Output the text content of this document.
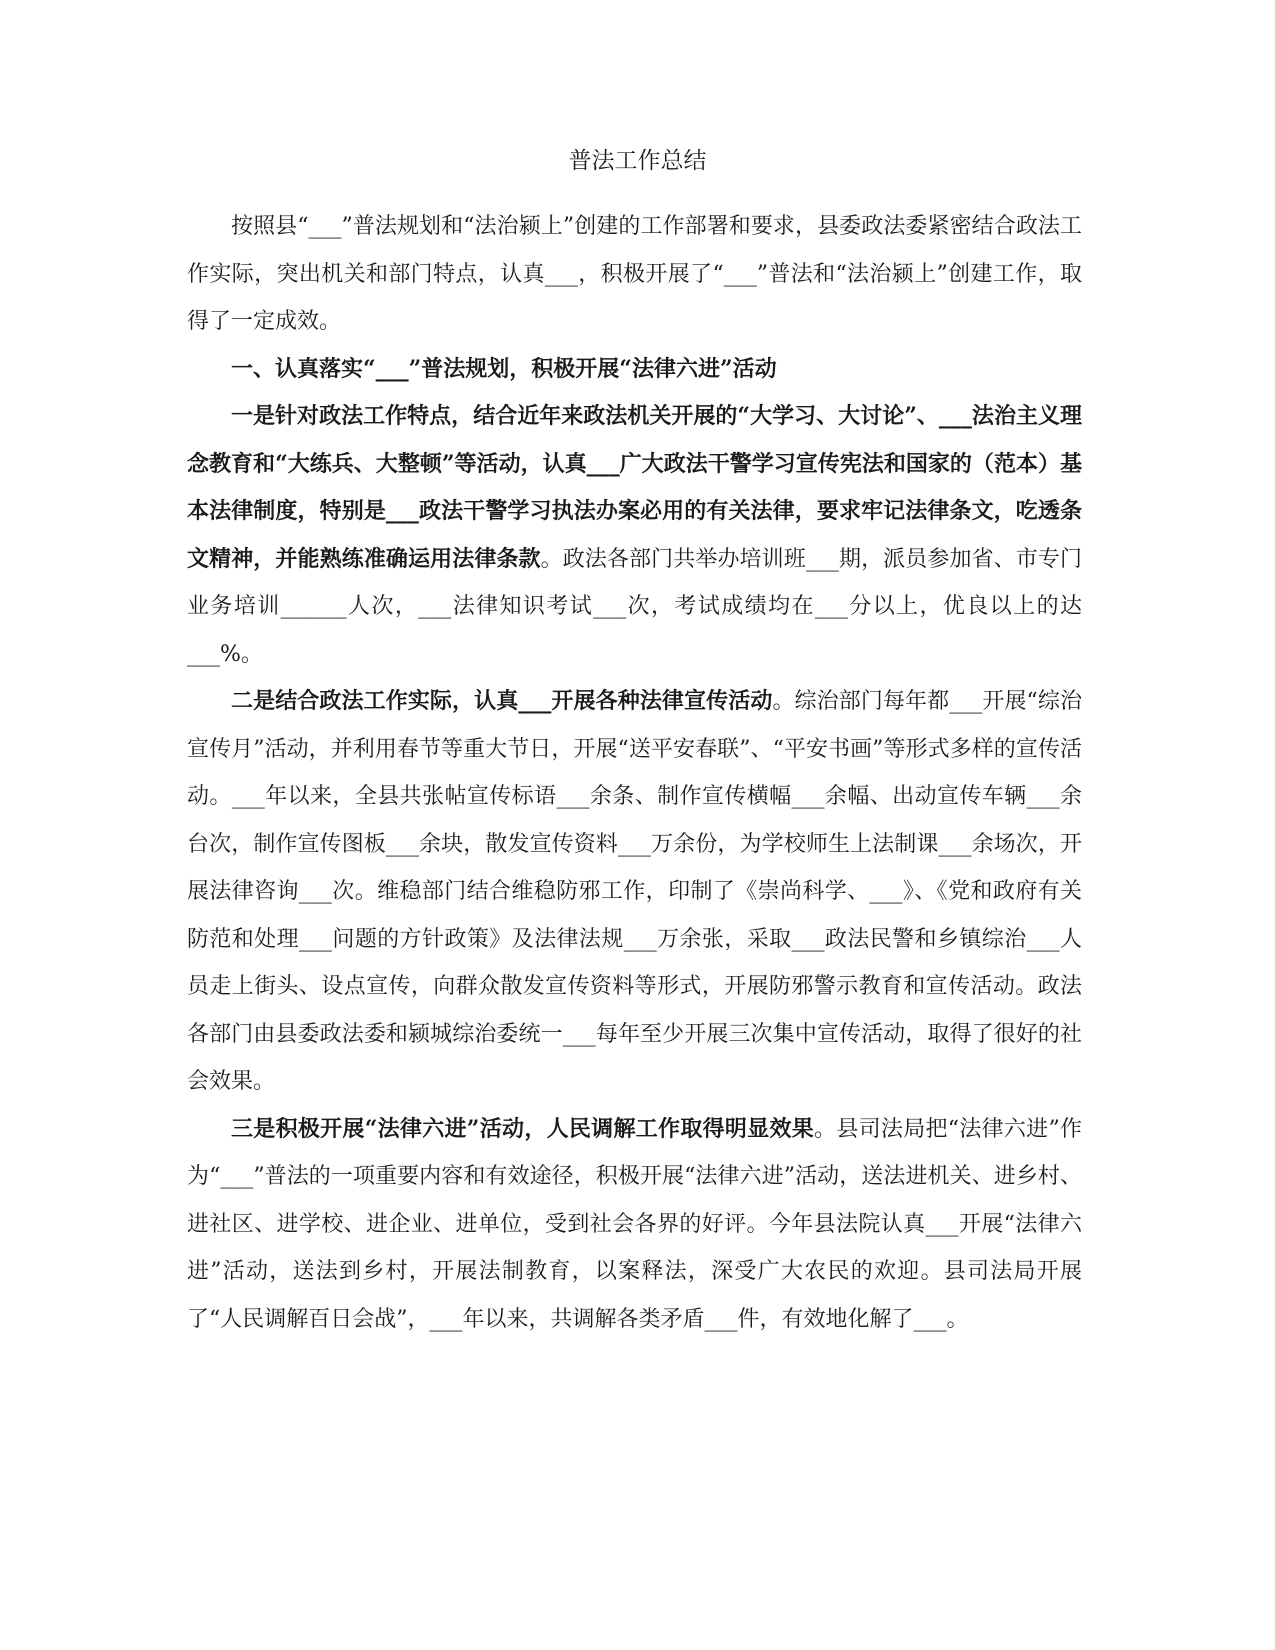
普法工作总结

按照县“___”普法规划和“法治颍上”创建的工作部署和要求，县委政法委紧密结合政法工作实际，突出机关和部门特点，认真___，积极开展了“___”普法和“法治颍上”创建工作，取得了一定成效。

一、认真落实“___”普法规划，积极开展“法律六进”活动

一是针对政法工作特点，结合近年来政法机关开展的“大学习、大讨论”、___法治主义理念教育和“大练兵、大整顿”等活动，认真___广大政法干警学习宣传宪法和国家的（范本）基本法律制度，特别是___政法干警学习执法办案必用的有关法律，要求牢记法律条文，吃透条文精神，并能熟练准确运用法律条款。政法各部门共举办培训班___期，派员参加省、市专门业务培训______人次，___法律知识考试___次，考试成绩均在___分以上，优良以上的达___%。

二是结合政法工作实际，认真___开展各种法律宣传活动。综治部门每年都___开展“综治宣传月”活动，并利用春节等重大节日，开展“送平安春联”、“平安书画”等形式多样的宣传活动。___年以来，全县共张帖宣传标语___余条、制作宣传横幅___余幅、出动宣传车辆___余台次，制作宣传图板___余块，散发宣传资料___万余份，为学校师生上法制课___余场次，开展法律咨询___次。维稳部门结合维稳防邪工作，印制了《崇尚科学、___》、《党和政府有关防范和处理___问题的方针政策》及法律法规___万余张，采取___政法民警和乡镇综治___人员走上街头、设点宣传，向群众散发宣传资料等形式，开展防邪警示教育和宣传活动。政法各部门由县委政法委和颍城综治委统一___每年至少开展三次集中宣传活动，取得了很好的社会效果。

三是积极开展“法律六进”活动，人民调解工作取得明显效果。县司法局把“法律六进”作为“___”普法的一项重要内容和有效途径，积极开展“法律六进”活动，送法进机关、进乡村、进社区、进学校、进企业、进单位，受到社会各界的好评。今年县法院认真___开展“法律六进”活动，送法到乡村，开展法制教育，以案释法，深受广大农民的欢迎。县司法局开展了“人民调解百日会战”，___年以来，共调解各类矛盾___件，有效地化解了___。
